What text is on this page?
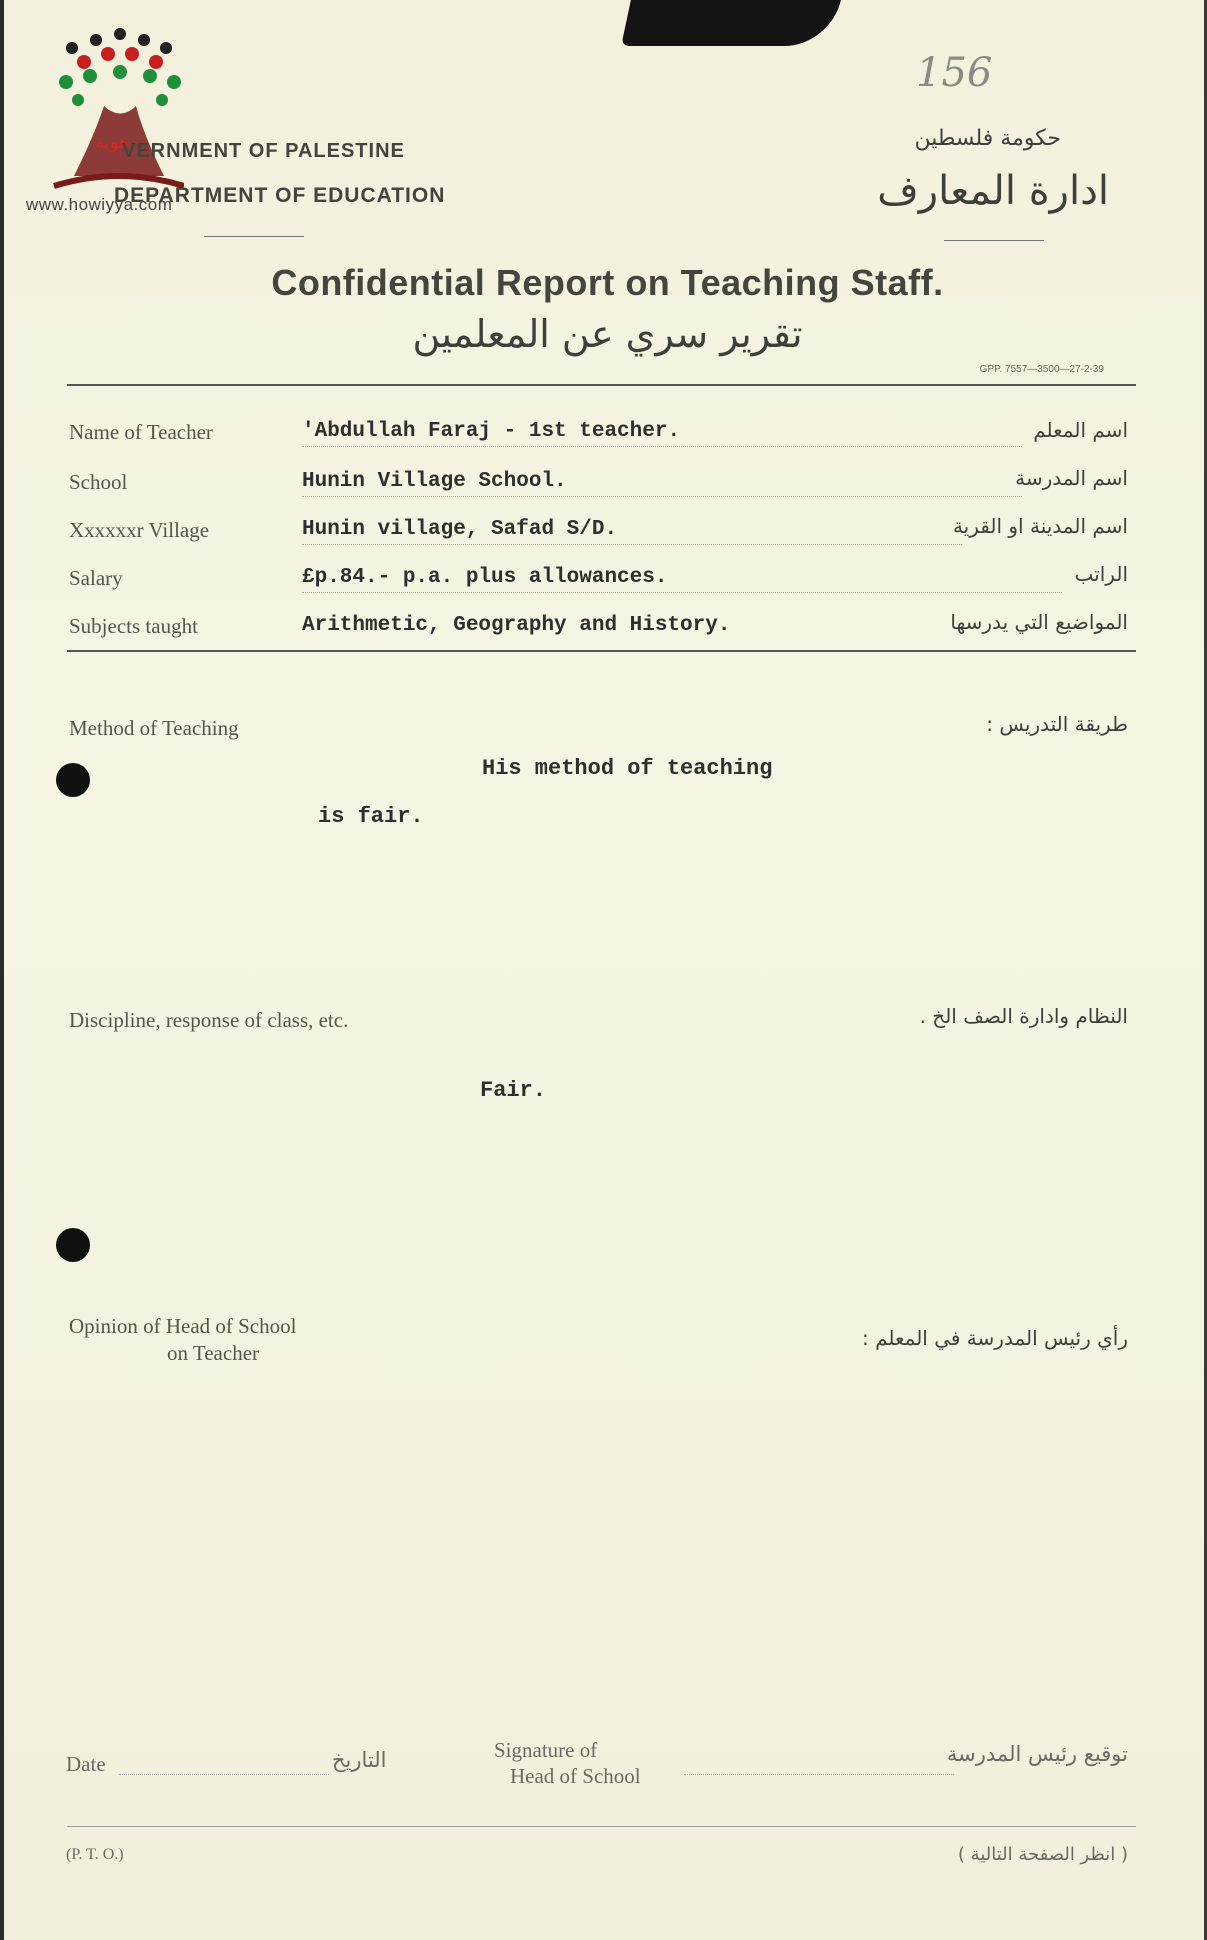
هوية
www.howiyya.com
VERNMENT OF PALESTINE
DEPARTMENT OF EDUCATION
156
حكومة فلسطين
ادارة المعارف
Confidential Report on Teaching Staff.
تقرير سري عن المعلمين
GPP. 7557—3500—27-2-39
Name of Teacher	'Abdullah Faraj - 1st teacher.	اسم المعلم
School	Hunin Village School.	اسم المدرسة
Xxxxxxr Village	Hunin village, Safad S/D.	اسم المدينة او القرية
Salary	£p.84.- p.a. plus allowances.	الراتب
Subjects taught	Arithmetic, Geography and History.	المواضيع التي يدرسها
Method of Teaching	طريقة التدريس :
His method of teaching
is fair.
Discipline, response of class, etc.	النظام وادارة الصف الخ .
Fair.
Opinion of Head of School
on Teacher
رأي رئيس المدرسة في المعلم :
Date	التاريخ	Signature of
Head of School
توقيع رئيس المدرسة
(P. T. O.)	( انظر الصفحة التالية )
